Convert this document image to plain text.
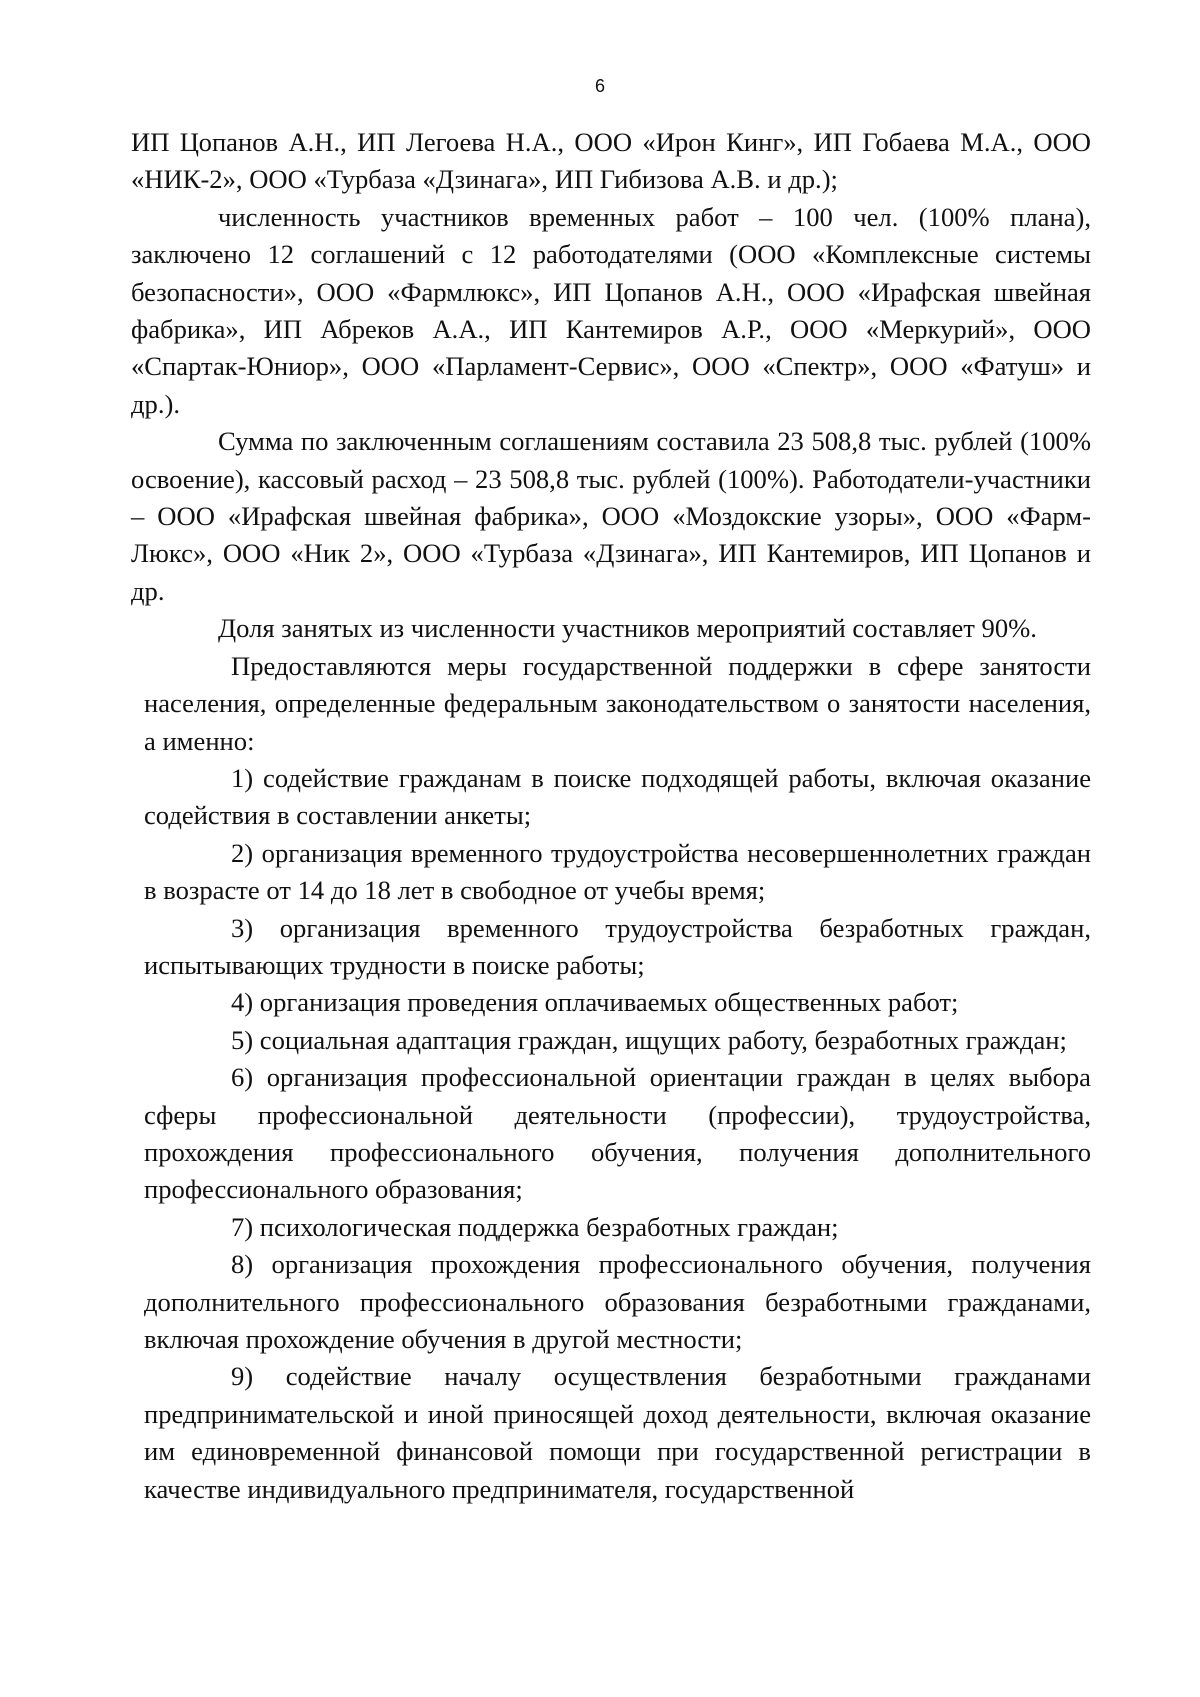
6

ИП Цопанов А.Н., ИП Легоева Н.А., ООО «Ирон Кинг», ИП Гобаева М.А., ООО «НИК-2», ООО «Турбаза «Дзинага», ИП Гибизова А.В. и др.);

численность участников временных работ – 100 чел. (100% плана), заключено 12 соглашений с 12 работодателями (ООО «Комплексные системы безопасности», ООО «Фармлюкс», ИП Цопанов А.Н., ООО «Ирафская швейная фабрика», ИП Абреков А.А., ИП Кантемиров А.Р., ООО «Меркурий», ООО «Спартак-Юниор», ООО «Парламент-Сервис», ООО «Спектр», ООО «Фатуш» и др.).

Сумма по заключенным соглашениям составила 23 508,8 тыс. рублей (100% освоение), кассовый расход – 23 508,8 тыс. рублей (100%). Работодатели-участники – ООО «Ирафская швейная фабрика», ООО «Моздокские узоры», ООО «Фарм-Люкс», ООО «Ник 2», ООО «Турбаза «Дзинага», ИП Кантемиров, ИП Цопанов и др.

Доля занятых из численности участников мероприятий составляет 90%.

Предоставляются меры государственной поддержки в сфере занятости населения, определенные федеральным законодательством о занятости населения, а именно:

1) содействие гражданам в поиске подходящей работы, включая оказание содействия в составлении анкеты;

2) организация временного трудоустройства несовершеннолетних граждан в возрасте от 14 до 18 лет в свободное от учебы время;

3) организация временного трудоустройства безработных граждан, испытывающих трудности в поиске работы;

4) организация проведения оплачиваемых общественных работ;

5) социальная адаптация граждан, ищущих работу, безработных граждан;

6) организация профессиональной ориентации граждан в целях выбора сферы профессиональной деятельности (профессии), трудоустройства, прохождения профессионального обучения, получения дополнительного профессионального образования;

7) психологическая поддержка безработных граждан;

8) организация прохождения профессионального обучения, получения дополнительного профессионального образования безработными гражданами, включая прохождение обучения в другой местности;

9) содействие началу осуществления безработными гражданами предпринимательской и иной приносящей доход деятельности, включая оказание им единовременной финансовой помощи при государственной регистрации в качестве индивидуального предпринимателя, государственной
